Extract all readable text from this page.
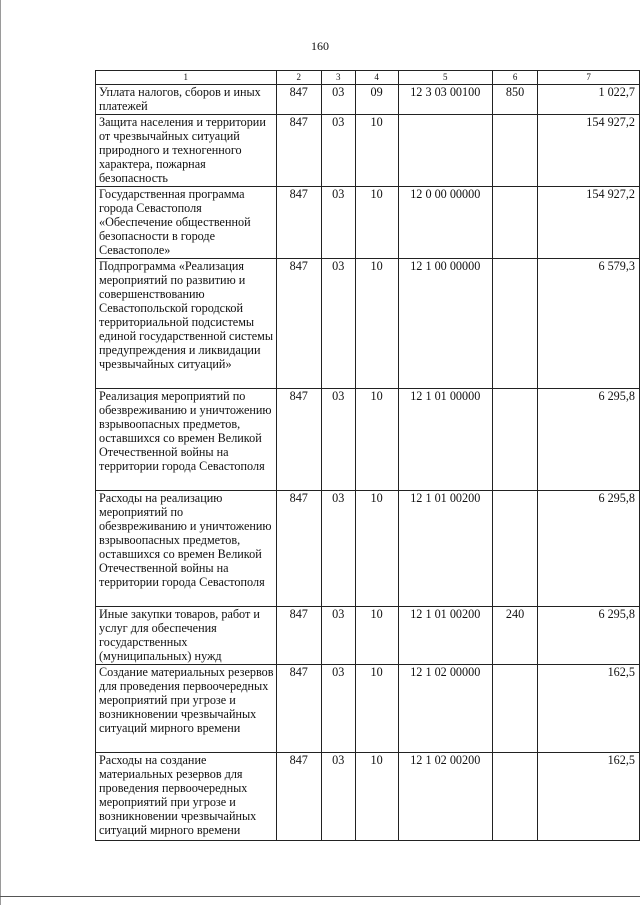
160
1	2	3	4	5	6	7
Уплата налогов, сборов и иных платежей	847	03	09	12 3 03 00100	850	1 022,7
Защита населения и территории от чрезвычайных ситуаций природного и техногенного характера, пожарная безопасность	847	03	10			154 927,2
Государственная программа города Севастополя «Обеспечение общественной безопасности в городе Севастополе»	847	03	10	12 0 00 00000		154 927,2
Подпрограмма «Реализация мероприятий по развитию и совершенствованию Севастопольской городской территориальной подсистемы единой государственной системы предупреждения и ликвидации чрезвычайных ситуаций»	847	03	10	12 1 00 00000		6 579,3
Реализация мероприятий по обезвреживанию и уничтожению взрывоопасных предметов, оставшихся со времен Великой Отечественной войны на территории города Севастополя	847	03	10	12 1 01 00000		6 295,8
Расходы на реализацию мероприятий по обезвреживанию и уничтожению взрывоопасных предметов, оставшихся со времен Великой Отечественной войны на территории города Севастополя	847	03	10	12 1 01 00200		6 295,8
Иные закупки товаров, работ и услуг для обеспечения государственных (муниципальных) нужд	847	03	10	12 1 01 00200	240	6 295,8
Создание материальных резервов для проведения первоочередных мероприятий при угрозе и возникновении чрезвычайных ситуаций мирного времени	847	03	10	12 1 02 00000		162,5
Расходы на создание материальных резервов для проведения первоочередных мероприятий при угрозе и возникновении чрезвычайных ситуаций мирного времени	847	03	10	12 1 02 00200		162,5
